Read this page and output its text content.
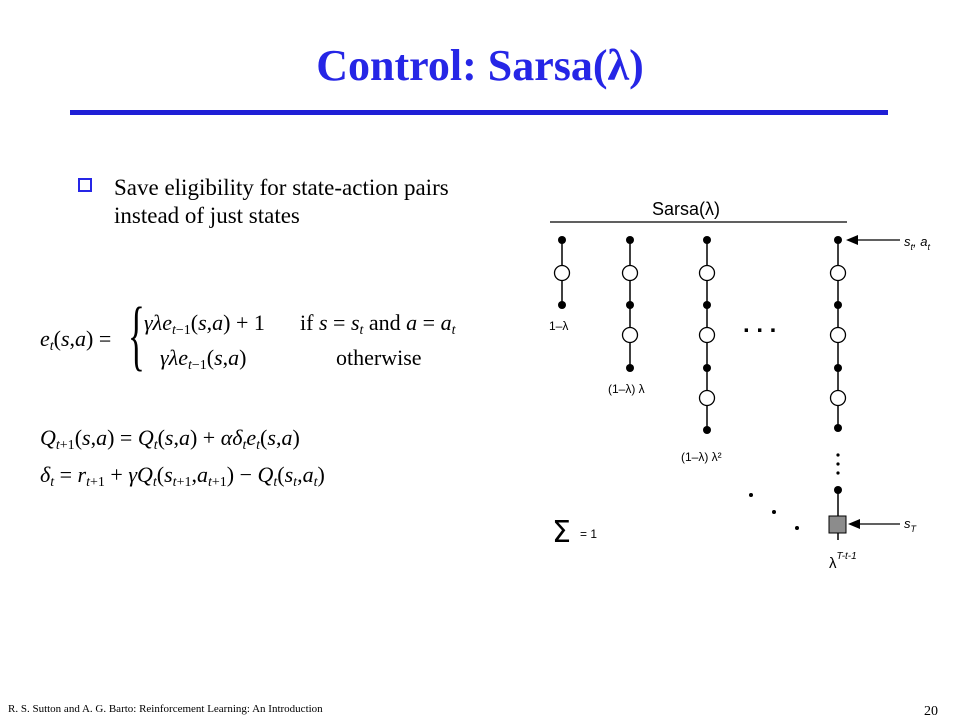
Control: Sarsa(λ)
Save eligibility for state-action pairs instead of just states
$e_t(s,a)$ = { γλe$_{t-1}$(s,a) + 1 if $s = s_t$ and $a = a_t$
γλe$_{t-1}$(s,a)	otherwise
$Q_{t+1}(s,a) = Q_t(s,a) + \alpha\delta_te_t(s,a)$
$\delta_t = r_{t+1} + \gamma Q_t(s_{t+1},a_{t+1}) - Q_t(s_t,a_t)$
Sarsa(λ)
1–λ
(1–λ) λ
(1–λ) λ²
. . .
$\lambda^{T-t-1}$
$s_t$, $a_t$
$s_T$
Σ = 1
R. S. Sutton and A. G. Barto: Reinforcement Learning: An Introduction	20
